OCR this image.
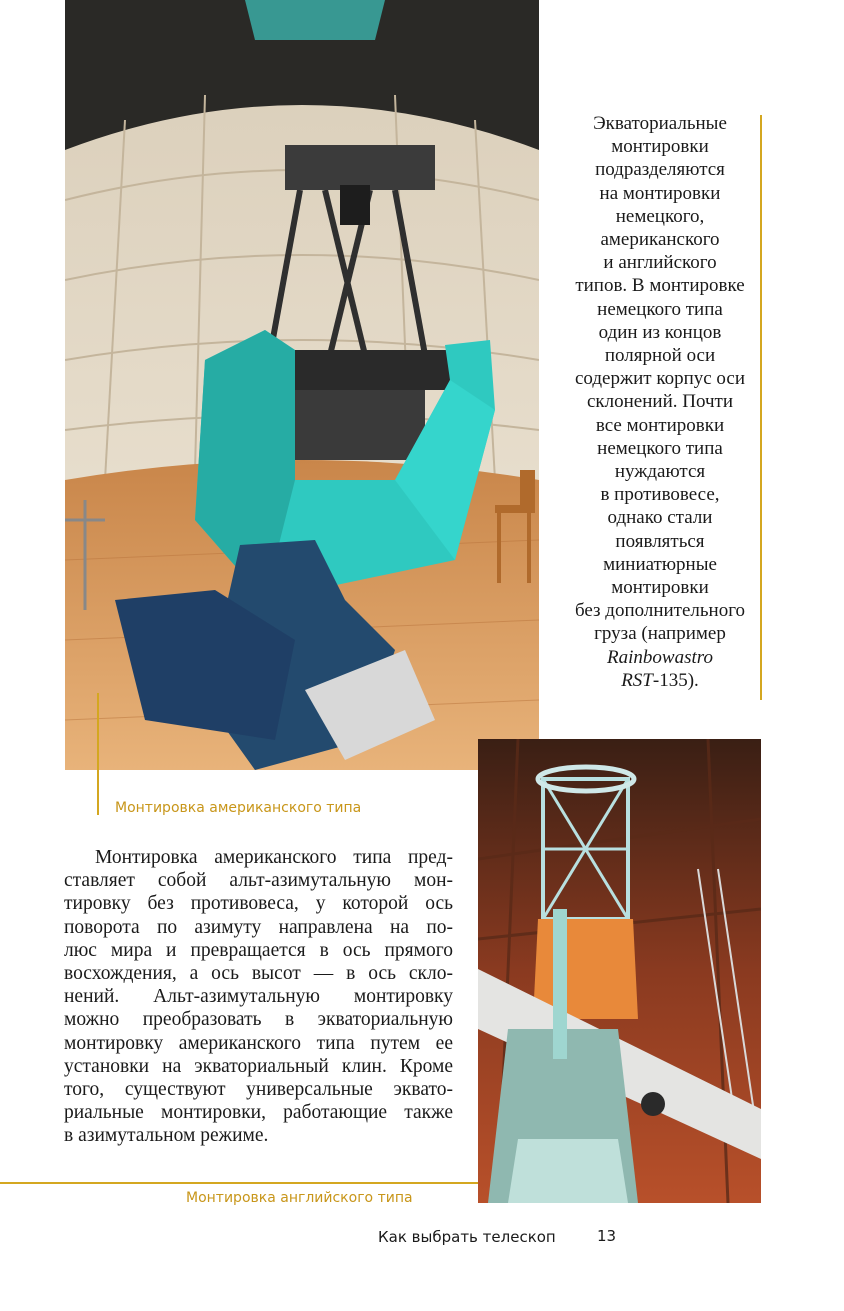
Экваториальные
монтировки
подразделяются
на монтировки
немецкого,
американского
и английского
типов. В монтировке
немецкого типа
один из концов
полярной оси
содержит корпус оси
склонений. Почти
все монтировки
немецкого типа
нуждаются
в противовесе,
однако стали
появляться
миниатюрные
монтировки
без дополнительного
груза (например
Rainbowastro
RST-135).
Монтировка американского типа
Монтировка американского типа пред-
ставляет собой альт-азимутальную мон-
тировку без противовеса, у которой ось
поворота по азимуту направлена на по-
люс мира и превращается в ось прямого
восхождения, а ось высот — в ось скло-
нений. Альт-азимутальную монтировку
можно преобразовать в экваториальную
монтировку американского типа путем ее
установки на экваториальный клин. Кроме
того, существуют универсальные эквато-
риальные монтировки, работающие также
в азимутальном режиме.
Монтировка английского типа
Как выбрать телескоп	13
